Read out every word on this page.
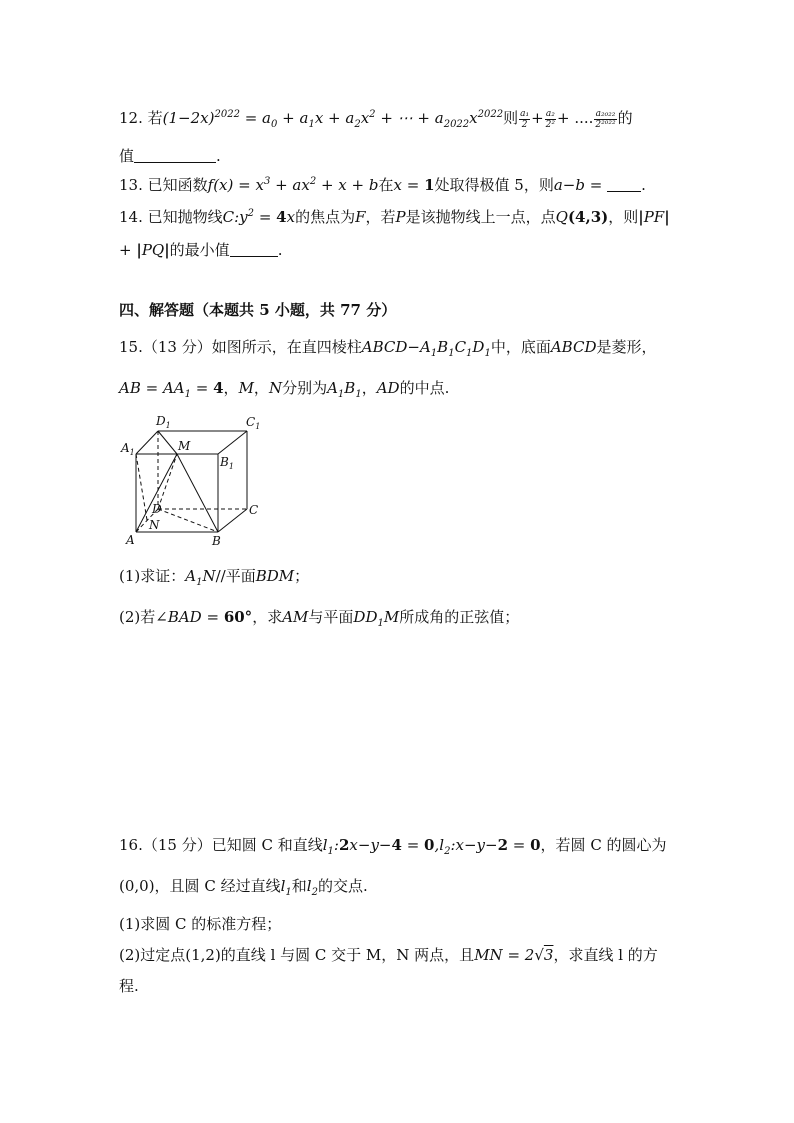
12. 若$(1-2x)^{2022} = a_0 + a_1x + a_2x^2$ + ⋯ + $a_{2022}x^{2022}$则 $\frac{\text{a₁}}{2} + \frac{\text{a₂}}{\text{2²}}$ + .... $\frac{\text{a₂₀₂₂}}{\text{2²⁰²²}}$ 的
值	.
13. 已知函数$f(x) = x^3 + ax^2 + x + b$在x = 1处取得极值 5，则a−b =	.
14. 已知抛物线$C:y^2 = 4x$的焦点为F，若P是该抛物线上一点，点Q(4,3)，则|PF|
+ |PQ|的最小值	.
四、解答题（本题共 5 小题，共 77 分）
15.（13 分）如图所示，在直四棱柱$ABCD-A_1B_1C_1D_1$中，底面ABCD是菱形，
AB = $AA_1 = 4$，M，N分别为$A_1B_1$，AD的中点.
$A_1$
$D_1$	$C_1$
$B_1$
M
D
N
C
A	B
(1)求证：$A_1N//$平面BDM；
(2)若∠BAD = 60°，求AM与平面$DD_1M$所成角的正弦值；
16.（15 分）已知圆 C 和直线$l_1:2x-y-4$ = $0,l_2:x-y-2 = 0$，若圆 C 的圆心为
(0,0)，且圆 C 经过直线$l_1$和$l_2$的交点.
(1)求圆 C 的标准方程；
(2)过定点(1,2)的直线 l 与圆 C 交于 M，N 两点，且MN = 2√3，求直线 l 的方
程.
